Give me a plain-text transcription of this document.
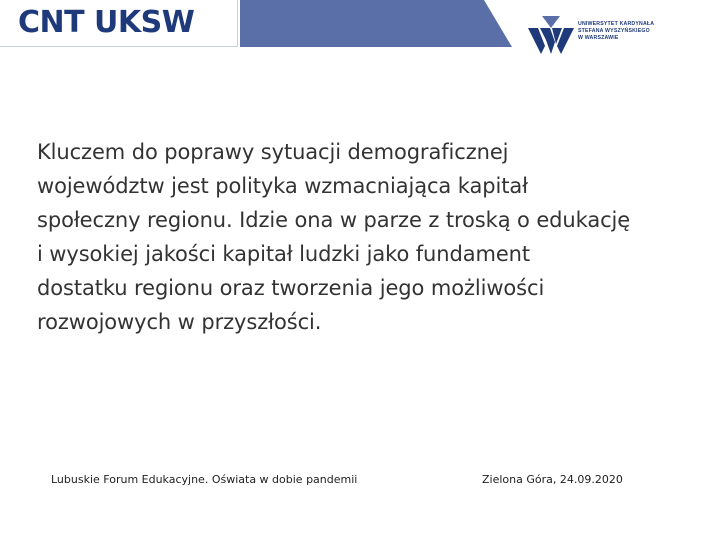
CNT UKSW	UNIWERSYTET KARDYNAŁA
STEFANA WYSZYŃSKIEGO
W WARSZAWIE
Kluczem do poprawy sytuacji demograficznej
województw jest polityka wzmacniająca kapitał
społeczny regionu. Idzie ona w parze z troską o edukację
i wysokiej jakości kapitał ludzki jako fundament
dostatku regionu oraz tworzenia jego możliwości
rozwojowych w przyszłości.
Lubuskie Forum Edukacyjne. Oświata w dobie pandemii	Zielona Góra, 24.09.2020
